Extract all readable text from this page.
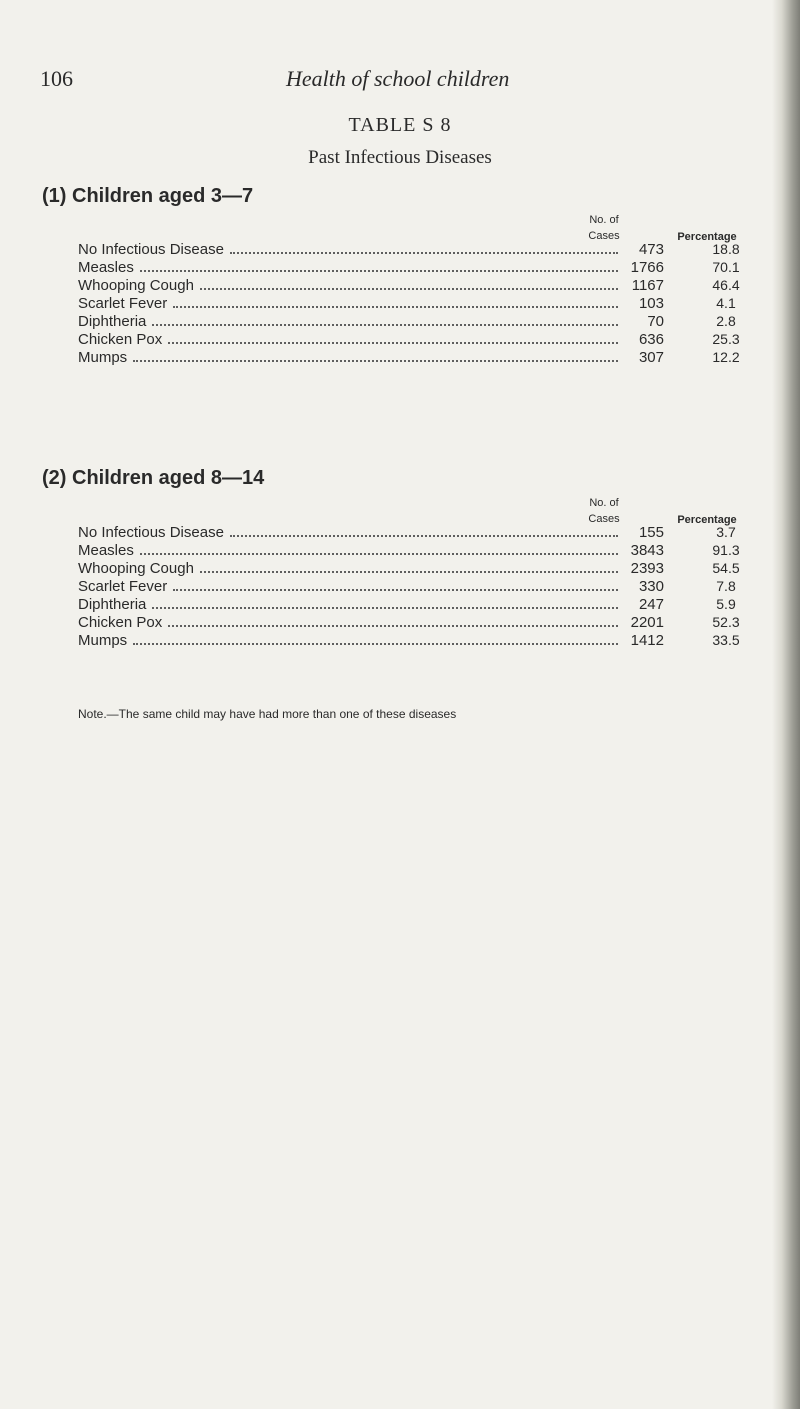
106	Health of school children
TABLE S 8
Past Infectious Diseases
(1) Children aged 3—7
No. of Cases	Percentage
No Infectious Disease	473	18.8
Measles	1766	70.1
Whooping Cough	1167	46.4
Scarlet Fever	103	4.1
Diphtheria	70	2.8
Chicken Pox	636	25.3
Mumps	307	12.2
(2) Children aged 8—14
No. of Cases	Percentage
No Infectious Disease	155	3.7
Measles	3843	91.3
Whooping Cough	2393	54.5
Scarlet Fever	330	7.8
Diphtheria	247	5.9
Chicken Pox	2201	52.3
Mumps	1412	33.5
Note.—The same child may have had more than one of these diseases
